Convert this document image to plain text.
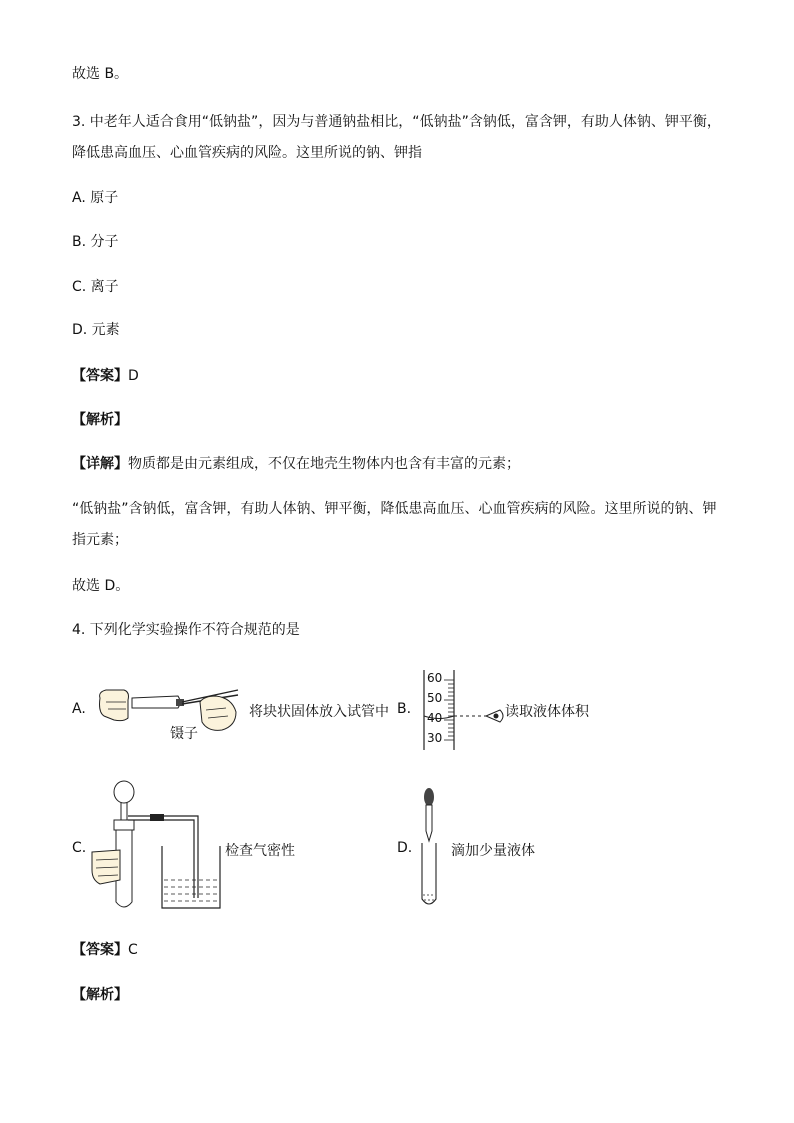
故选 B。
3. 中老年人适合食用“低钠盐”，因为与普通钠盐相比，“低钠盐”含钠低，富含钾，有助人体钠、钾平衡，
降低患高血压、心血管疾病的风险。这里所说的钠、钾指
A. 原子
B. 分子
C. 离子
D. 元素
【答案】D
【解析】
【详解】物质都是由元素组成，不仅在地壳生物体内也含有丰富的元素；
“低钠盐”含钠低，富含钾，有助人体钠、钾平衡，降低患高血压、心血管疾病的风险。这里所说的钠、钾
指元素；
故选 D。
4. 下列化学实验操作不符合规范的是
A.
镊子
将块状固体放入试管中 B.
60
50
40
30
读取液体体积
C.	检查气密性	D.	滴加少量液体
【答案】C
【解析】
